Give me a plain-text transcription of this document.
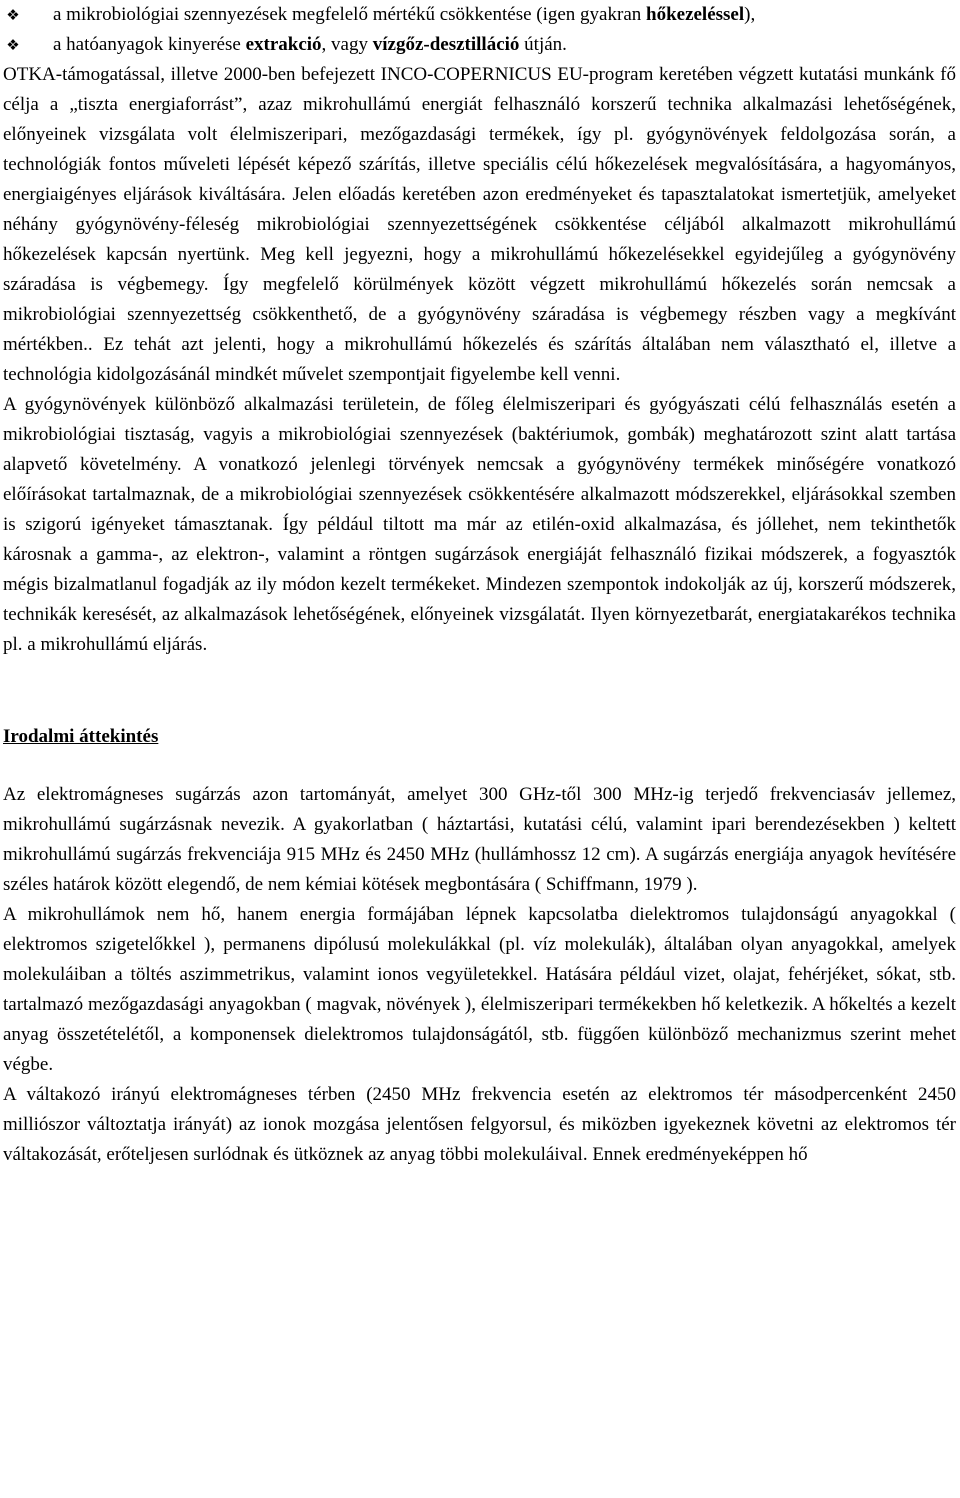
❖ a mikrobiológiai szennyezések megfelelő mértékű csökkentése (igen gyakran hőkezeléssel),
❖ a hatóanyagok kinyerése extrakció, vagy vízgőz-desztilláció útján.

OTKA-támogatással, illetve 2000-ben befejezett INCO-COPERNICUS EU-program keretében végzett kutatási munkánk fő célja a „tiszta energiaforrást”, azaz mikrohullámú energiát felhasználó korszerű technika alkalmazási lehetőségének, előnyeinek vizsgálata volt élelmiszeripari, mezőgazdasági termékek, így pl. gyógynövények feldolgozása során, a technológiák fontos műveleti lépését képező szárítás, illetve speciális célú hőkezelések megvalósítására, a hagyományos, energiaigényes eljárások kiváltására. Jelen előadás keretében azon eredményeket és tapasztalatokat ismertetjük, amelyeket néhány gyógynövény-féleség mikrobiológiai szennyezettségének csökkentése céljából alkalmazott mikrohullámú hőkezelések kapcsán nyertünk. Meg kell jegyezni, hogy a mikrohullámú hőkezelésekkel egyidejűleg a gyógynövény száradása is végbemegy. Így megfelelő körülmények között végzett mikrohullámú hőkezelés során nemcsak a mikrobiológiai szennyezettség csökkenthető, de a gyógynövény száradása is végbemegy részben vagy a megkívánt mértékben.. Ez tehát azt jelenti, hogy a mikrohullámú hőkezelés és szárítás általában nem választható el, illetve a technológia kidolgozásánál mindkét művelet szempontjait figyelembe kell venni.

A gyógynövények különböző alkalmazási területein, de főleg élelmiszeripari és gyógyászati célú felhasználás esetén a mikrobiológiai tisztaság, vagyis a mikrobiológiai szennyezések (baktériumok, gombák) meghatározott szint alatt tartása alapvető követelmény. A vonatkozó jelenlegi törvények nemcsak a gyógynövény termékek minőségére vonatkozó előírásokat tartalmaznak, de a mikrobiológiai szennyezések csökkentésére alkalmazott módszerekkel, eljárásokkal szemben is szigorú igényeket támasztanak. Így például tiltott ma már az etilén-oxid alkalmazása, és jóllehet, nem tekinthetők károsnak a gamma-, az elektron-, valamint a röntgen sugárzások energiáját felhasználó fizikai módszerek, a fogyasztók mégis bizalmatlanul fogadják az ily módon kezelt termékeket. Mindezen szempontok indokolják az új, korszerű módszerek, technikák keresését, az alkalmazások lehetőségének, előnyeinek vizsgálatát. Ilyen környezetbarát, energiatakarékos technika pl. a mikrohullámú eljárás.

Irodalmi áttekintés

Az elektromágneses sugárzás azon tartományát, amelyet 300 GHz-től 300 MHz-ig terjedő frekvenciasáv jellemez, mikrohullámú sugárzásnak nevezik. A gyakorlatban ( háztartási, kutatási célú, valamint ipari berendezésekben ) keltett mikrohullámú sugárzás frekvenciája 915 MHz és 2450 MHz (hullámhossz 12 cm). A sugárzás energiája anyagok hevítésére széles határok között elegendő, de nem kémiai kötések megbontására ( Schiffmann, 1979 ).

A mikrohullámok nem hő, hanem energia formájában lépnek kapcsolatba dielektromos tulajdonságú anyagokkal ( elektromos szigetelőkkel ), permanens dipólusú molekulákkal (pl. víz molekulák), általában olyan anyagokkal, amelyek molekuláiban a töltés aszimmetrikus, valamint ionos vegyületekkel. Hatására például vizet, olajat, fehérjéket, sókat, stb. tartalmazó mezőgazdasági anyagokban ( magvak, növények ), élelmiszeripari termékekben hő keletkezik. A hőkeltés a kezelt anyag összetételétől, a komponensek dielektromos tulajdonságától, stb. függően különböző mechanizmus szerint mehet végbe.

A váltakozó irányú elektromágneses térben (2450 MHz frekvencia esetén az elektromos tér másodpercenként 2450 milliószor változtatja irányát) az ionok mozgása jelentősen felgyorsul, és miközben igyekeznek követni az elektromos tér váltakozását, erőteljesen surlódnak és ütköznek az anyag többi molekuláival. Ennek eredményeképpen hő
